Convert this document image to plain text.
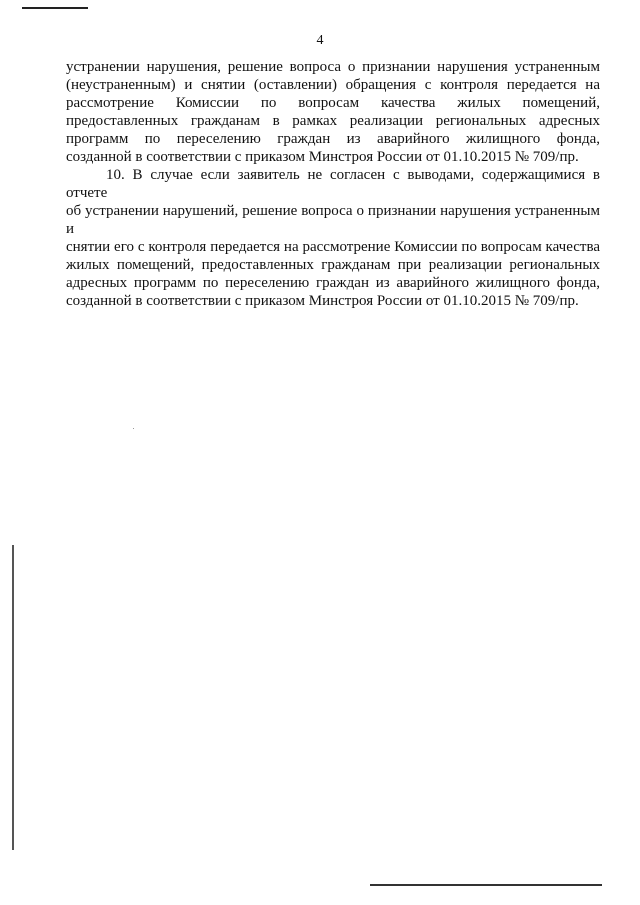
4
устранении нарушения, решение вопроса о признании нарушения устраненным
(неустраненным) и снятии (оставлении) обращения с контроля передается на
рассмотрение Комиссии по вопросам качества жилых помещений,
предоставленных гражданам в рамках реализации региональных адресных
программ по переселению граждан из аварийного жилищного фонда,
созданной в соответствии с приказом Минстроя России от 01.10.2015 № 709/пр.
10. В случае если заявитель не согласен с выводами, содержащимися в отчете
об устранении нарушений, решение вопроса о признании нарушения устраненным и
снятии его с контроля передается на рассмотрение Комиссии по вопросам качества
жилых помещений, предоставленных гражданам при реализации региональных
адресных программ по переселению граждан из аварийного жилищного фонда,
созданной в соответствии с приказом Минстроя России от 01.10.2015 № 709/пр.
